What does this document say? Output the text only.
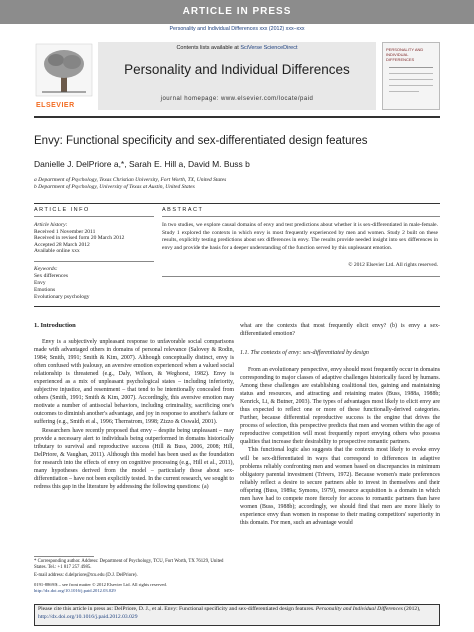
ARTICLE IN PRESS
Personality and Individual Differences xxx (2012) xxx–xxx
ELSEVIER
Contents lists available at SciVerse ScienceDirect
Personality and Individual Differences
journal homepage: www.elsevier.com/locate/paid
PERSONALITY AND INDIVIDUAL DIFFERENCES
Envy: Functional specificity and sex-differentiated design features
Danielle J. DelPriore a,*, Sarah E. Hill a, David M. Buss b
a Department of Psychology, Texas Christian University, Fort Worth, TX, United States
b Department of Psychology, University of Texas at Austin, United States
ARTICLE INFO	ABSTRACT
Article history:
Received 1 November 2011
Received in revised form 20 March 2012
Accepted 28 March 2012
Available online xxx
Keywords:
Sex differences
Envy
Emotions
Evolutionary psychology
In two studies, we explore causal domains of envy and test predictions about whether it is sex-differentiated in male-female. Study 1 explored the contexts in which envy is most frequently experienced by men and women. Study 2 built on these results, explicitly testing predictions about sex differences in envy. The results provide needed insight into sex differences in envy and provide the basis for a deeper understanding of the function served by this unpleasant emotion.
© 2012 Elsevier Ltd. All rights reserved.
1. Introduction

Envy is a subjectively unpleasant response to unfavorable social comparisons made with advantaged others in domains of personal relevance (Salovey & Rodin, 1984; Smith, 1991; Smith & Kim, 2007). Although conceptually distinct, envy is often confused with jealousy, an aversive emotion experienced when a valued social relationship is threatened (e.g., Daly, Wilson, & Weghorst, 1982). Envy is experienced as a mix of unpleasant psychological states – including inferiority, subjective injustice, and resentment – that tend to be intentionally concealed from others (Smith, 1991; Smith & Kim, 2007). Accordingly, this aversive emotion may motivate a number of antisocial behaviors, including criminality, sacrificing one's outcomes to diminish another's advantage, and joy in response to another's failure or suffering (e.g., Smith et al., 1996; Thernstrom, 1998; Zizzo & Oswald, 2001).

Researchers have recently proposed that envy – despite being unpleasant – may provide a necessary alert to individuals being outperformed in domains historically tributary to survival and reproductive success (Hill & Buss, 2006, 2008; Hill, DelPriore, & Vaughan, 2011). Although this model has been used as the foundation for research into the effects of envy on cognitive processing (e.g., Hill et al., 2011), many hypotheses derived from the model – particularly those about sex-differentiation – have not been explicitly tested. In the current research, we sought to redress this gap in the literature by addressing the following questions: (a)

what are the contexts that most frequently elicit envy? (b) is envy a sex-differentiated emotion?

1.1. The contexts of envy: sex-differentiated by design

From an evolutionary perspective, envy should most frequently occur in domains corresponding to major classes of adaptive challenges historically faced by humans. Among these challenges are establishing coalitional ties, gaining and maintaining status and resources, and attracting and retaining mates (Buss, 1988a, 1988b; Kenrick, Li, & Butner, 2003). The types of advantages most likely to elicit envy are thus expected to reflect one or more of these functionally-derived categories. Further, because differential reproductive success is the engine that drives the process of selection, this perspective predicts that men and women within the age of reproductive competition will most frequently report envying others who possess qualities that increase their desirability to prospective romantic partners.

This functional logic also suggests that the contexts most likely to evoke envy will be sex-differentiated in ways that correspond to differences in adaptive problems reliably confronting men and women based on discrepancies in minimum obligatory parental investment (Trivers, 1972). Because women's mate preferences reliably reflect a desire to secure partners able to invest in themselves and their offspring (Buss, 1989a; Symons, 1979), resource acquisition is a domain in which men have had to compete more fiercely for access to romantic partners than have women (Buss, 1988b); accordingly, we should find that men are more likely to experience envy than women in response to their mating competitors' superiority in this domain. For men, such an advantage would

* Corresponding author. Address: Department of Psychology, TCU, Fort Worth, TX 76129, United States. Tel.: +1 817 257 4985.
E-mail address: d.delpriore@tcu.edu (D.J. DelPriore).
0191-8869/$ – see front matter © 2012 Elsevier Ltd. All rights reserved.
http://dx.doi.org/10.1016/j.paid.2012.03.029
Please cite this article in press as: DelPriore, D. J., et al. Envy: Functional specificity and sex-differentiated design features. Personality and Individual Differences (2012), http://dx.doi.org/10.1016/j.paid.2012.03.029
